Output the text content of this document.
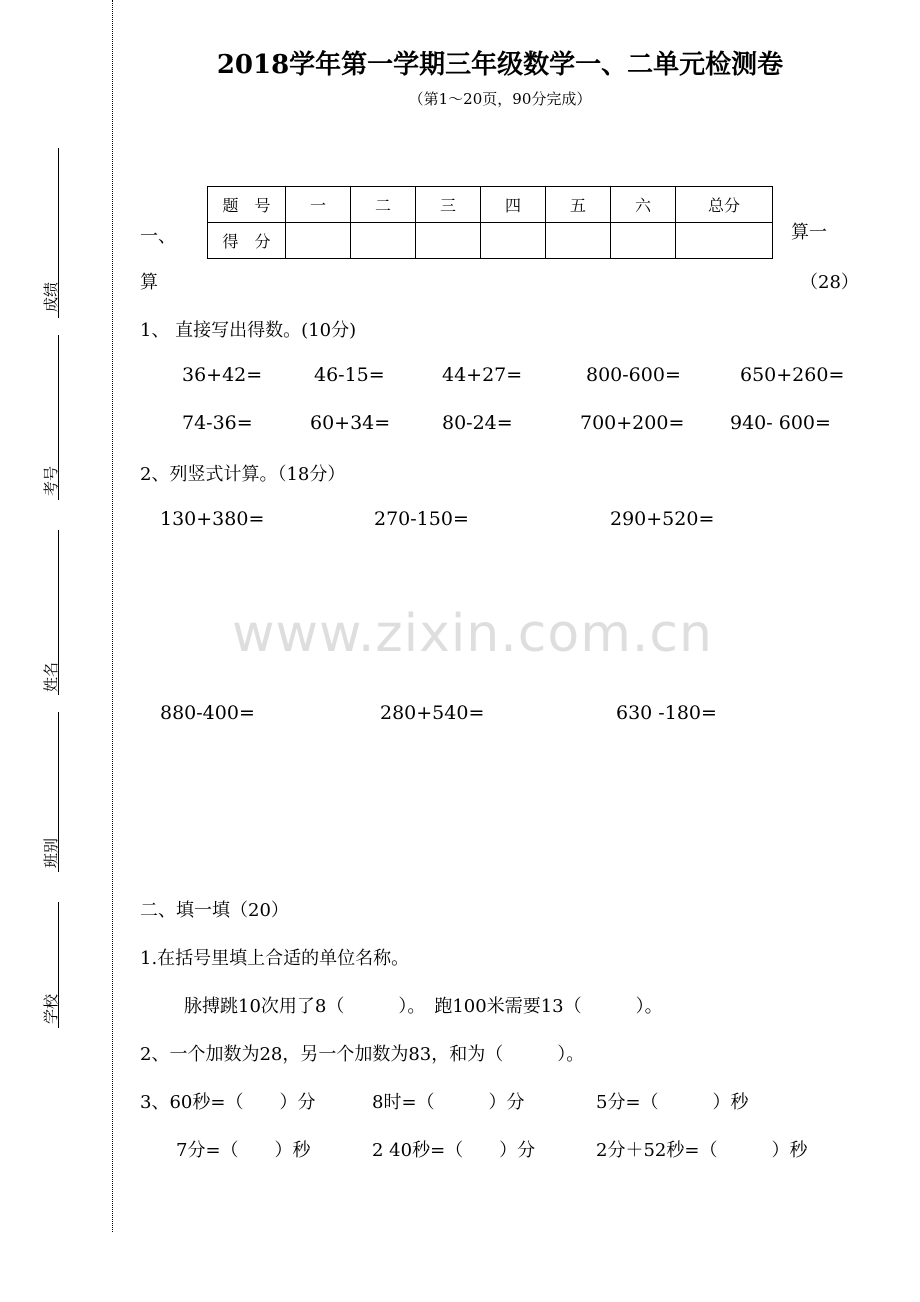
成绩
考号
姓名
班别
学校
2018学年第一学期三年级数学一、二单元检测卷
（第1～20页，90分完成）
题　号	一	二	三	四	五	六	总分
得　分							
一、	算一
算	（28）
1、 直接写出得数。(10分)
36+42=	46-15=	44+27=	800-600=	650+260=
74-36=	60+34=	80-24=	700+200= 940- 600=
2、列竖式计算。（18分）
130+380=	270-150=	290+520=
www.zixin.com.cn
880-400=	280+540=	630 -180=
二、填一填（20）
1.在括号里填上合适的单位名称。
脉搏跳10次用了8（　　　）。　跑100米需要13（　　　）。
2、一个加数为28，另一个加数为83，和为（　　　）。
3、60秒=（　　）分	8时=（　　　）分	5分=（　　　）秒
7分=（　　）秒	2 40秒=（　　）分	2分＋52秒=（　　　）秒
